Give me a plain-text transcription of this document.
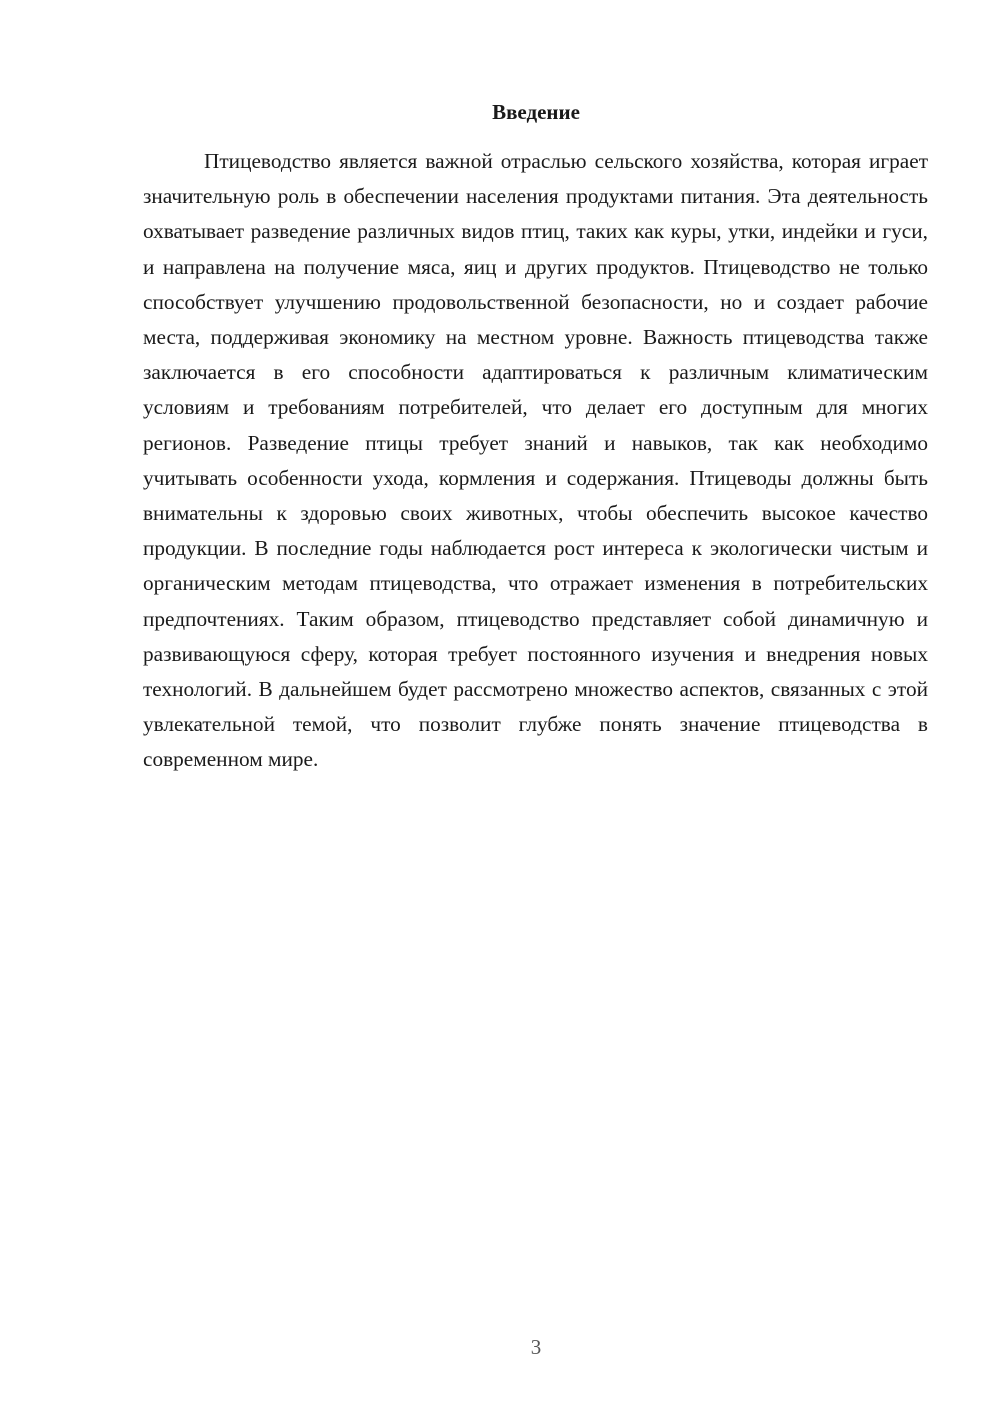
Введение

Птицеводство является важной отраслью сельского хозяйства, которая играет значительную роль в обеспечении населения продуктами питания. Эта деятельность охватывает разведение различных видов птиц, таких как куры, утки, индейки и гуси, и направлена на получение мяса, яиц и других продуктов. Птицеводство не только способствует улучшению продовольственной безопасности, но и создает рабочие места, поддерживая экономику на местном уровне. Важность птицеводства также заключается в его способности адаптироваться к различным климатическим условиям и требованиям потребителей, что делает его доступным для многих регионов. Разведение птицы требует знаний и навыков, так как необходимо учитывать особенности ухода, кормления и содержания. Птицеводы должны быть внимательны к здоровью своих животных, чтобы обеспечить высокое качество продукции. В последние годы наблюдается рост интереса к экологически чистым и органическим методам птицеводства, что отражает изменения в потребительских предпочтениях. Таким образом, птицеводство представляет собой динамичную и развивающуюся сферу, которая требует постоянного изучения и внедрения новых технологий. В дальнейшем будет рассмотрено множество аспектов, связанных с этой увлекательной темой, что позволит глубже понять значение птицеводства в современном мире.

3
